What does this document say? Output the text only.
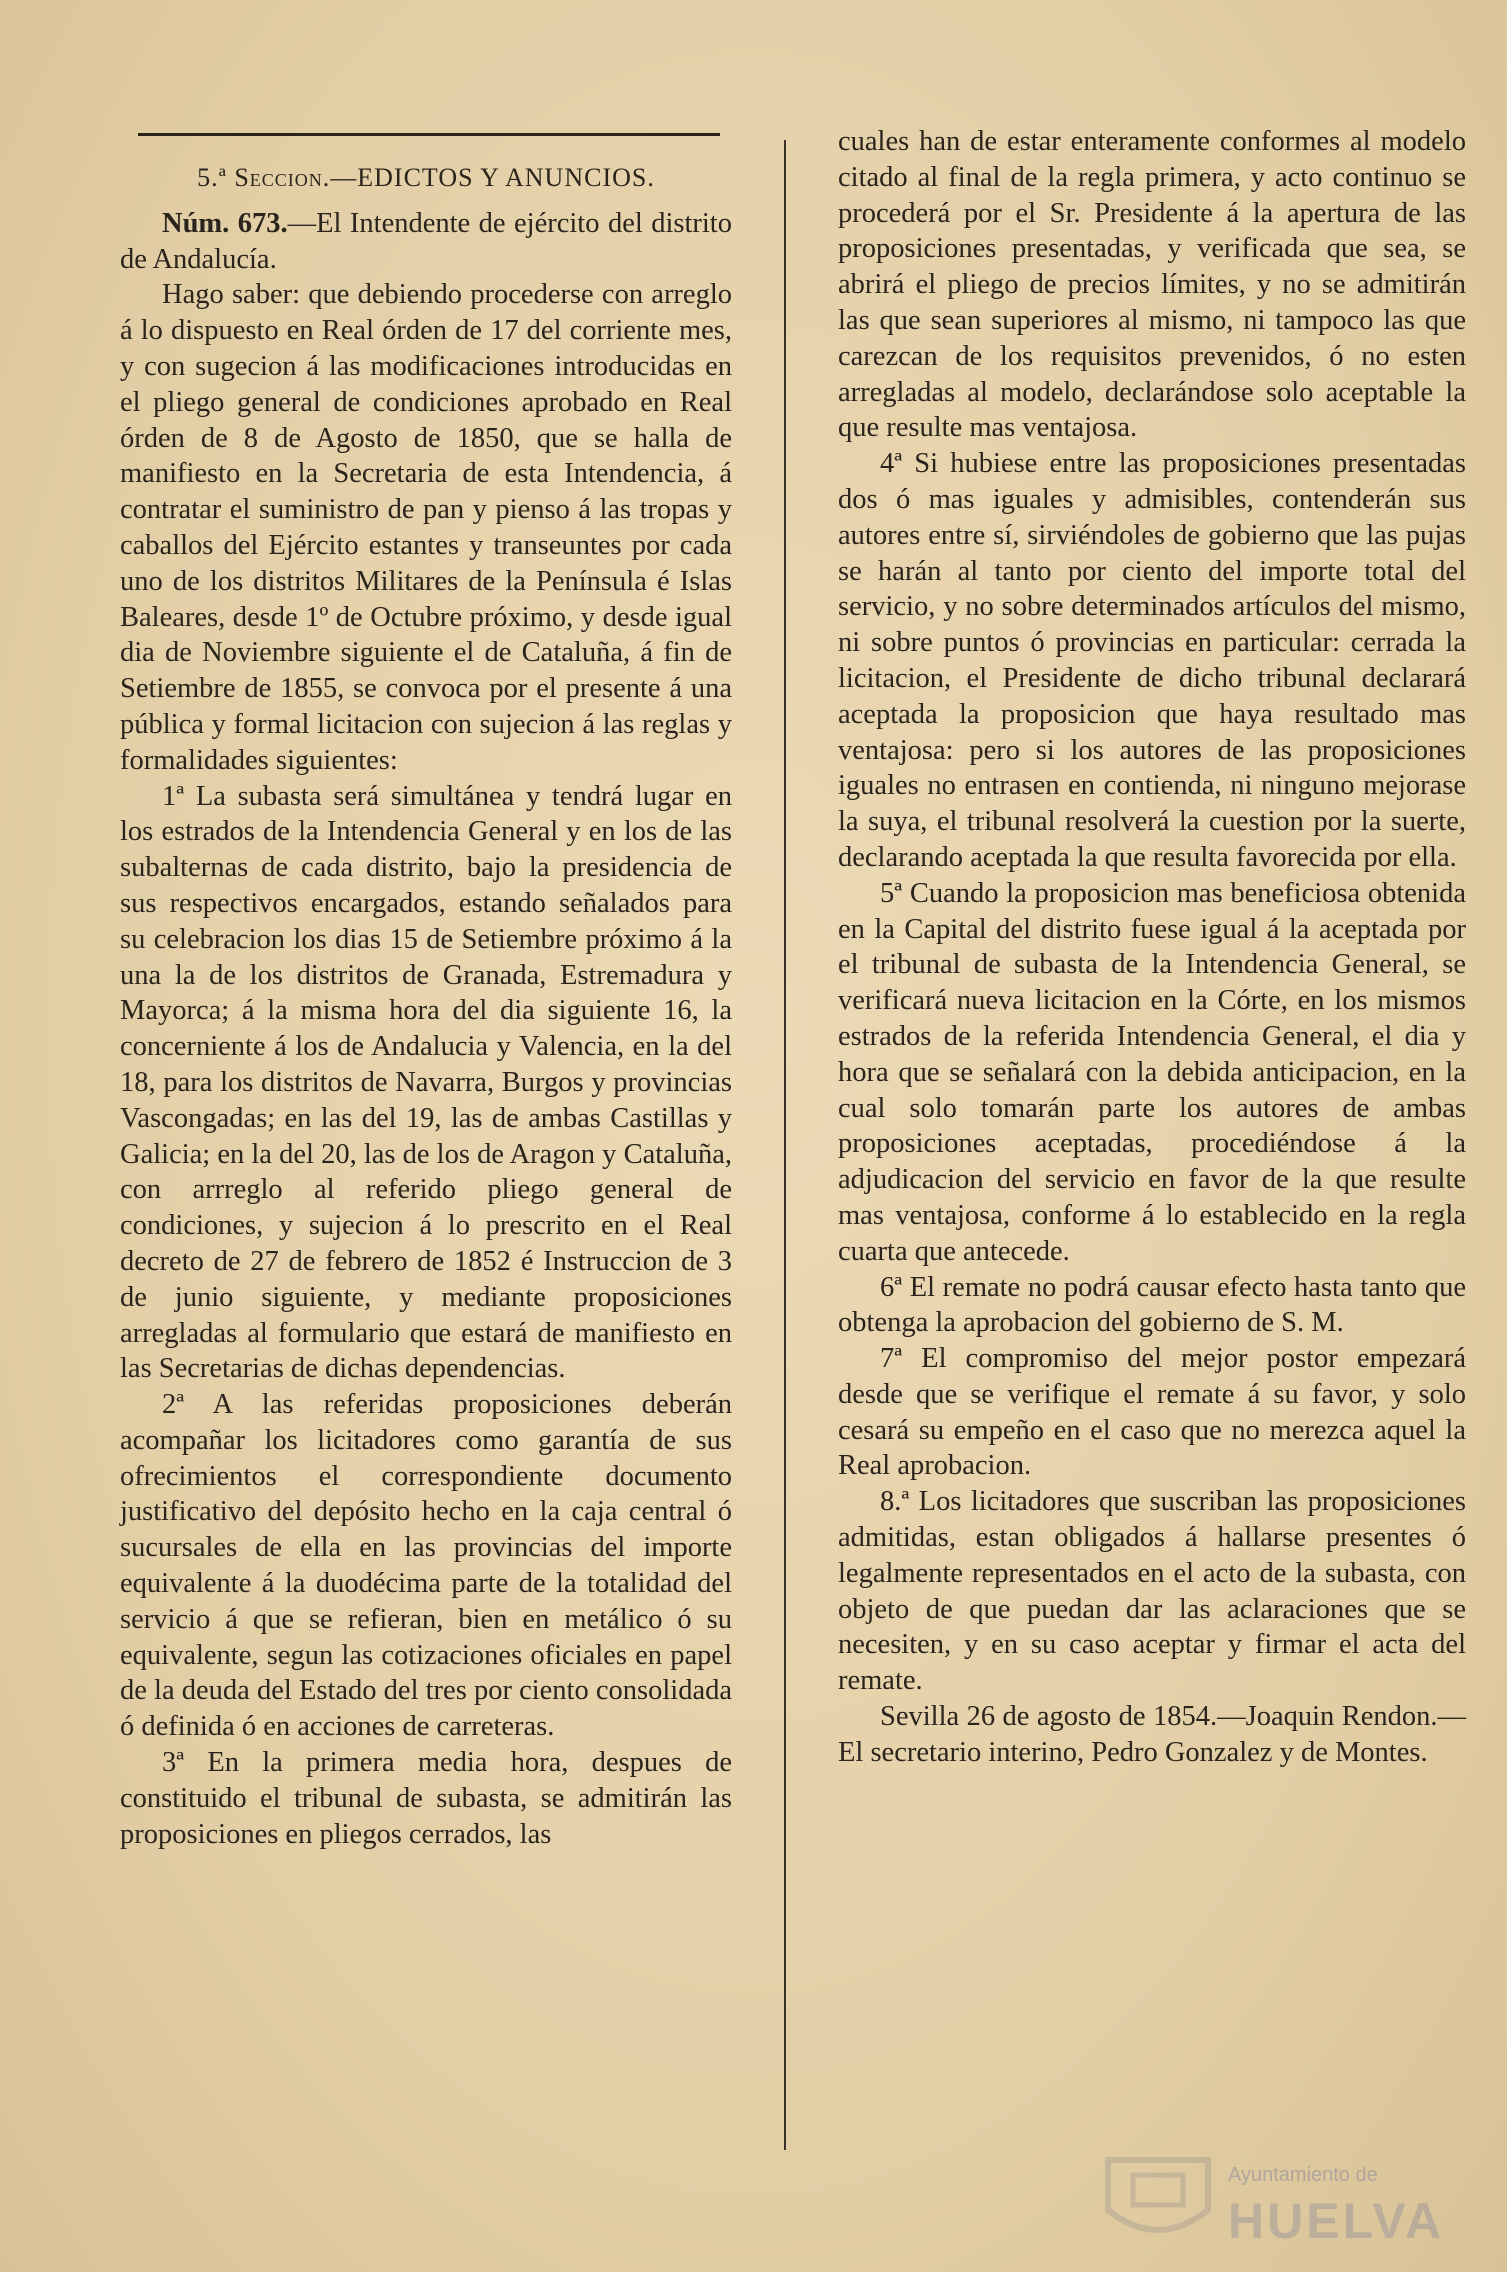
5.ª Seccion.—EDICTOS Y ANUNCIOS.

Núm. 673.—El Intendente de ejército del distrito de Andalucía.

Hago saber: que debiendo procederse con arreglo á lo dispuesto en Real órden de 17 del corriente mes, y con sugecion á las modificaciones introducidas en el pliego general de condiciones aprobado en Real órden de 8 de Agosto de 1850, que se halla de manifiesto en la Secretaria de esta Intendencia, á contratar el suministro de pan y pienso á las tropas y caballos del Ejército estantes y transeuntes por cada uno de los distritos Militares de la Península é Islas Baleares, desde 1º de Octubre próximo, y desde igual dia de Noviembre siguiente el de Cataluña, á fin de Setiembre de 1855, se convoca por el presente á una pública y formal licitacion con sujecion á las reglas y formalidades siguientes:

1ª La subasta será simultánea y tendrá lugar en los estrados de la Intendencia General y en los de las subalternas de cada distrito, bajo la presidencia de sus respectivos encargados, estando señalados para su celebracion los dias 15 de Setiembre próximo á la una la de los distritos de Granada, Estremadura y Mayorca; á la misma hora del dia siguiente 16, la concerniente á los de Andalucia y Valencia, en la del 18, para los distritos de Navarra, Burgos y provincias Vascongadas; en las del 19, las de ambas Castillas y Galicia; en la del 20, las de los de Aragon y Cataluña, con arrreglo al referido pliego general de condiciones, y sujecion á lo prescrito en el Real decreto de 27 de febrero de 1852 é Instruccion de 3 de junio siguiente, y mediante proposiciones arregladas al formulario que estará de manifiesto en las Secretarias de dichas dependencias.

2ª A las referidas proposiciones deberán acompañar los licitadores como garantía de sus ofrecimientos el correspondiente documento justificativo del depósito hecho en la caja central ó sucursales de ella en las provincias del importe equivalente á la duodécima parte de la totalidad del servicio á que se refieran, bien en metálico ó su equivalente, segun las cotizaciones oficiales en papel de la deuda del Estado del tres por ciento consolidada ó definida ó en acciones de carreteras.

3ª En la primera media hora, despues de constituido el tribunal de subasta, se admitirán las proposiciones en pliegos cerrados, las

cuales han de estar enteramente conformes al modelo citado al final de la regla primera, y acto continuo se procederá por el Sr. Presidente á la apertura de las proposiciones presentadas, y verificada que sea, se abrirá el pliego de precios límites, y no se admitirán las que sean superiores al mismo, ni tampoco las que carezcan de los requisitos prevenidos, ó no esten arregladas al modelo, declarándose solo aceptable la que resulte mas ventajosa.

4ª Si hubiese entre las proposiciones presentadas dos ó mas iguales y admisibles, contenderán sus autores entre sí, sirviéndoles de gobierno que las pujas se harán al tanto por ciento del importe total del servicio, y no sobre determinados artículos del mismo, ni sobre puntos ó provincias en particular: cerrada la licitacion, el Presidente de dicho tribunal declarará aceptada la proposicion que haya resultado mas ventajosa: pero si los autores de las proposiciones iguales no entrasen en contienda, ni ninguno mejorase la suya, el tribunal resolverá la cuestion por la suerte, declarando aceptada la que resulta favorecida por ella.

5ª Cuando la proposicion mas beneficiosa obtenida en la Capital del distrito fuese igual á la aceptada por el tribunal de subasta de la Intendencia General, se verificará nueva licitacion en la Córte, en los mismos estrados de la referida Intendencia General, el dia y hora que se señalará con la debida anticipacion, en la cual solo tomarán parte los autores de ambas proposiciones aceptadas, procediéndose á la adjudicacion del servicio en favor de la que resulte mas ventajosa, conforme á lo establecido en la regla cuarta que antecede.

6ª El remate no podrá causar efecto hasta tanto que obtenga la aprobacion del gobierno de S. M.

7ª El compromiso del mejor postor empezará desde que se verifique el remate á su favor, y solo cesará su empeño en el caso que no merezca aquel la Real aprobacion.

8.ª Los licitadores que suscriban las proposiciones admitidas, estan obligados á hallarse presentes ó legalmente representados en el acto de la subasta, con objeto de que puedan dar las aclaraciones que se necesiten, y en su caso aceptar y firmar el acta del remate.

Sevilla 26 de agosto de 1854.—Joaquin Rendon.— El secretario interino, Pedro Gonzalez y de Montes.

Ayuntamiento de
HUELVA
